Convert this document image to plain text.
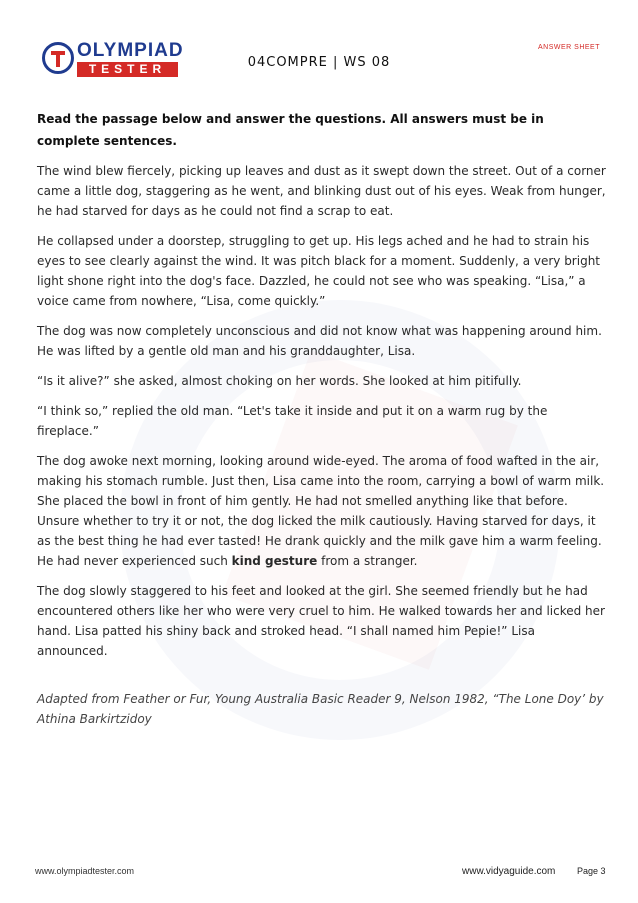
OLYMPIAD
TESTER
ANSWER SHEET
04COMPRE | WS 08

Read the passage below and answer the questions. All answers must be in complete sentences.

The wind blew fiercely, picking up leaves and dust as it swept down the street. Out of a corner came a little dog, staggering as he went, and blinking dust out of his eyes. Weak from hunger, he had starved for days as he could not find a scrap to eat.

He collapsed under a doorstep, struggling to get up. His legs ached and he had to strain his eyes to see clearly against the wind. It was pitch black for a moment. Suddenly, a very bright light shone right into the dog's face. Dazzled, he could not see who was speaking. “Lisa,” a voice came from nowhere, “Lisa, come quickly.”

The dog was now completely unconscious and did not know what was happening around him. He was lifted by a gentle old man and his granddaughter, Lisa.

“Is it alive?” she asked, almost choking on her words. She looked at him pitifully.

“I think so,” replied the old man. “Let's take it inside and put it on a warm rug by the fireplace.”

The dog awoke next morning, looking around wide-eyed. The aroma of food wafted in the air, making his stomach rumble. Just then, Lisa came into the room, carrying a bowl of warm milk. She placed the bowl in front of him gently. He had not smelled anything like that before. Unsure whether to try it or not, the dog licked the milk cautiously. Having starved for days, it as the best thing he had ever tasted! He drank quickly and the milk gave him a warm feeling. He had never experienced such kind gesture from a stranger.

The dog slowly staggered to his feet and looked at the girl. She seemed friendly but he had encountered others like her who were very cruel to him. He walked towards her and licked her hand. Lisa patted his shiny back and stroked head. “I shall named him Pepie!” Lisa announced.

Adapted from Feather or Fur, Young Australia Basic Reader 9, Nelson 1982, “The Lone Doy’ by Athina Barkirtzidoy

www.olympiadtester.com	www.vidyaguide.com Page 3
